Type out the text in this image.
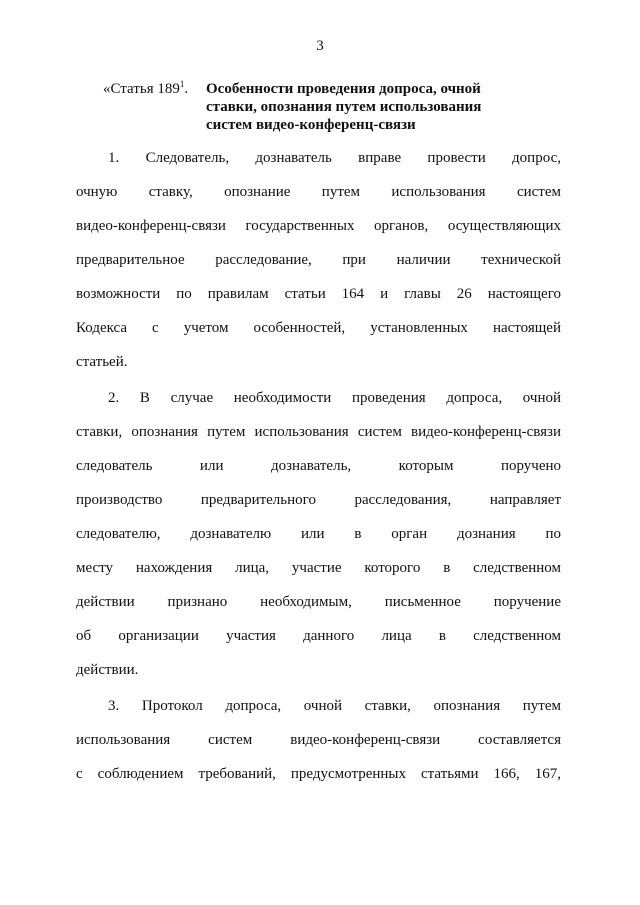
3
«Статья $189^1$. Особенности проведения допроса, очной
ставки, опознания путем использования
систем видео-конференц-связи
1. Следователь, дознаватель вправе провести допрос,
очную ставку, опознание путем использования систем
видео-конференц-связи государственных органов, осуществляющих
предварительное расследование, при наличии технической
возможности по правилам статьи 164 и главы 26 настоящего
Кодекса с учетом особенностей, установленных настоящей
статьей.
2. В случае необходимости проведения допроса, очной
ставки, опознания путем использования систем видео-конференц-связи
следователь или дознаватель, которым поручено
производство предварительного расследования, направляет
следователю, дознавателю или в орган дознания по
месту нахождения лица, участие которого в следственном
действии признано необходимым, письменное поручение
об организации участия данного лица в следственном
действии.
3. Протокол допроса, очной ставки, опознания путем
использования систем видео-конференц-связи составляется
с соблюдением требований, предусмотренных статьями 166, 167,
